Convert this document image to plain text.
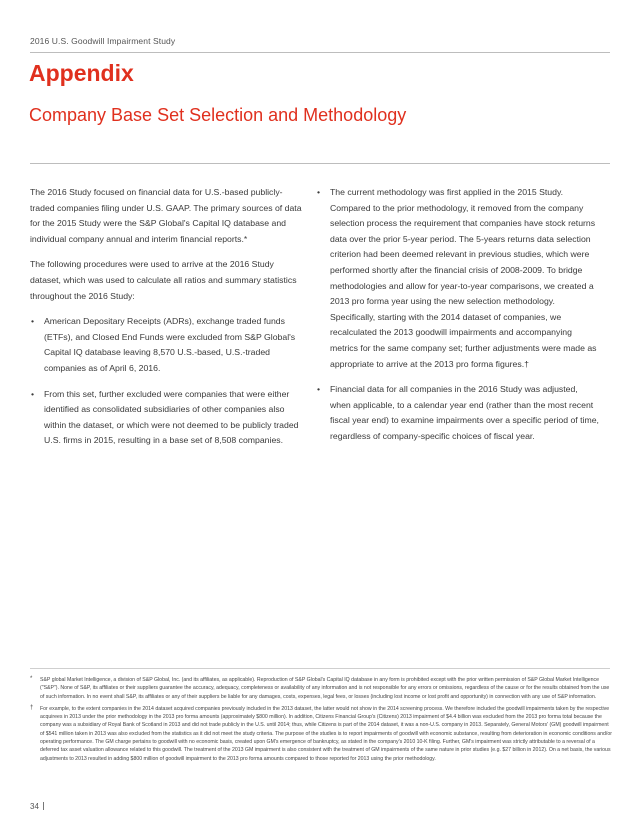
2016 U.S. Goodwill Impairment Study
Appendix
Company Base Set Selection and Methodology

The 2016 Study focused on financial data for U.S.-based publicly-traded companies filing under U.S. GAAP. The primary sources of data for the 2015 Study were the S&P Global's Capital IQ database and individual company annual and interim financial reports.*

The following procedures were used to arrive at the 2016 Study dataset, which was used to calculate all ratios and summary statistics throughout the 2016 Study:

• American Depositary Receipts (ADRs), exchange traded funds (ETFs), and Closed End Funds were excluded from S&P Global's Capital IQ database leaving 8,570 U.S.-based, U.S.-traded companies as of April 6, 2016.
• From this set, further excluded were companies that were either identified as consolidated subsidiaries of other companies also within the dataset, or which were not deemed to be publicly traded U.S. firms in 2015, resulting in a base set of 8,508 companies.
• The current methodology was first applied in the 2015 Study. Compared to the prior methodology, it removed from the company selection process the requirement that companies have stock returns data over the prior 5-year period. The 5-years returns data selection criterion had been deemed relevant in previous studies, which were performed shortly after the financial crisis of 2008-2009. To bridge methodologies and allow for year-to-year comparisons, we created a 2013 pro forma year using the new selection methodology. Specifically, starting with the 2014 dataset of companies, we recalculated the 2013 goodwill impairments and accompanying metrics for the same company set; further adjustments were made as appropriate to arrive at the 2013 pro forma figures.†
• Financial data for all companies in the 2016 Study was adjusted, when applicable, to a calendar year end (rather than the most recent fiscal year end) to examine impairments over a specific period of time, regardless of company-specific choices of fiscal year.
* S&P global Market Intelligence, a division of S&P Global, Inc. (and its affiliates, as applicable). Reproduction of S&P Global's Capital IQ database in any form is prohibited except with the prior written permission of S&P Global Market Intelligence ("S&P"). None of S&P, its affiliates or their suppliers guarantee the accuracy, adequacy, completeness or availability of any information and is not responsible for any errors or omissions, regardless of the cause or for the results obtained from the use of such information. In no event shall S&P, its affiliates or any of their suppliers be liable for any damages, costs, expenses, legal fees, or losses (including lost income or lost profit and opportunity) in connection with any use of S&P information.
† For example, to the extent companies in the 2014 dataset acquired companies previously included in the 2013 dataset, the latter would not show in the 2014 screening process. We therefore included the goodwill impairments taken by the respective acquirees in 2013 under the prior methodology in the 2013 pro forma amounts (approximately $800 million). In addition, Citizens Financial Group's (Citizens) 2013 impairment of $4.4 billion was excluded from the 2013 pro forma total because the company was a subsidiary of Royal Bank of Scotland in 2013 and did not trade publicly in the U.S. until 2014; thus, while Citizens is part of the 2014 dataset, it was a non-U.S. company in 2013. Separately, General Motors' (GM) goodwill impairment of $541 million taken in 2013 was also excluded from the statistics as it did not meet the study criteria. The purpose of the studies is to report impairments of goodwill with economic substance, resulting from deterioration in economic conditions and/or operating performance. The GM charge pertains to goodwill with no economic basis, created upon GM's emergence of bankruptcy, as stated in the company's 2010 10-K filing. Further, GM's impairment was strictly attributable to a reversal of a deferred tax asset valuation allowance related to this goodwill. The treatment of the 2013 GM impairment is also consistent with the treatment of GM impairments of the same nature in prior studies (e.g. $27 billion in 2012). On a net basis, the various adjustments to 2013 resulted in adding $800 million of goodwill impairment to the 2013 pro forma amounts compared to those reported for 2013 using the prior methodology.
34
